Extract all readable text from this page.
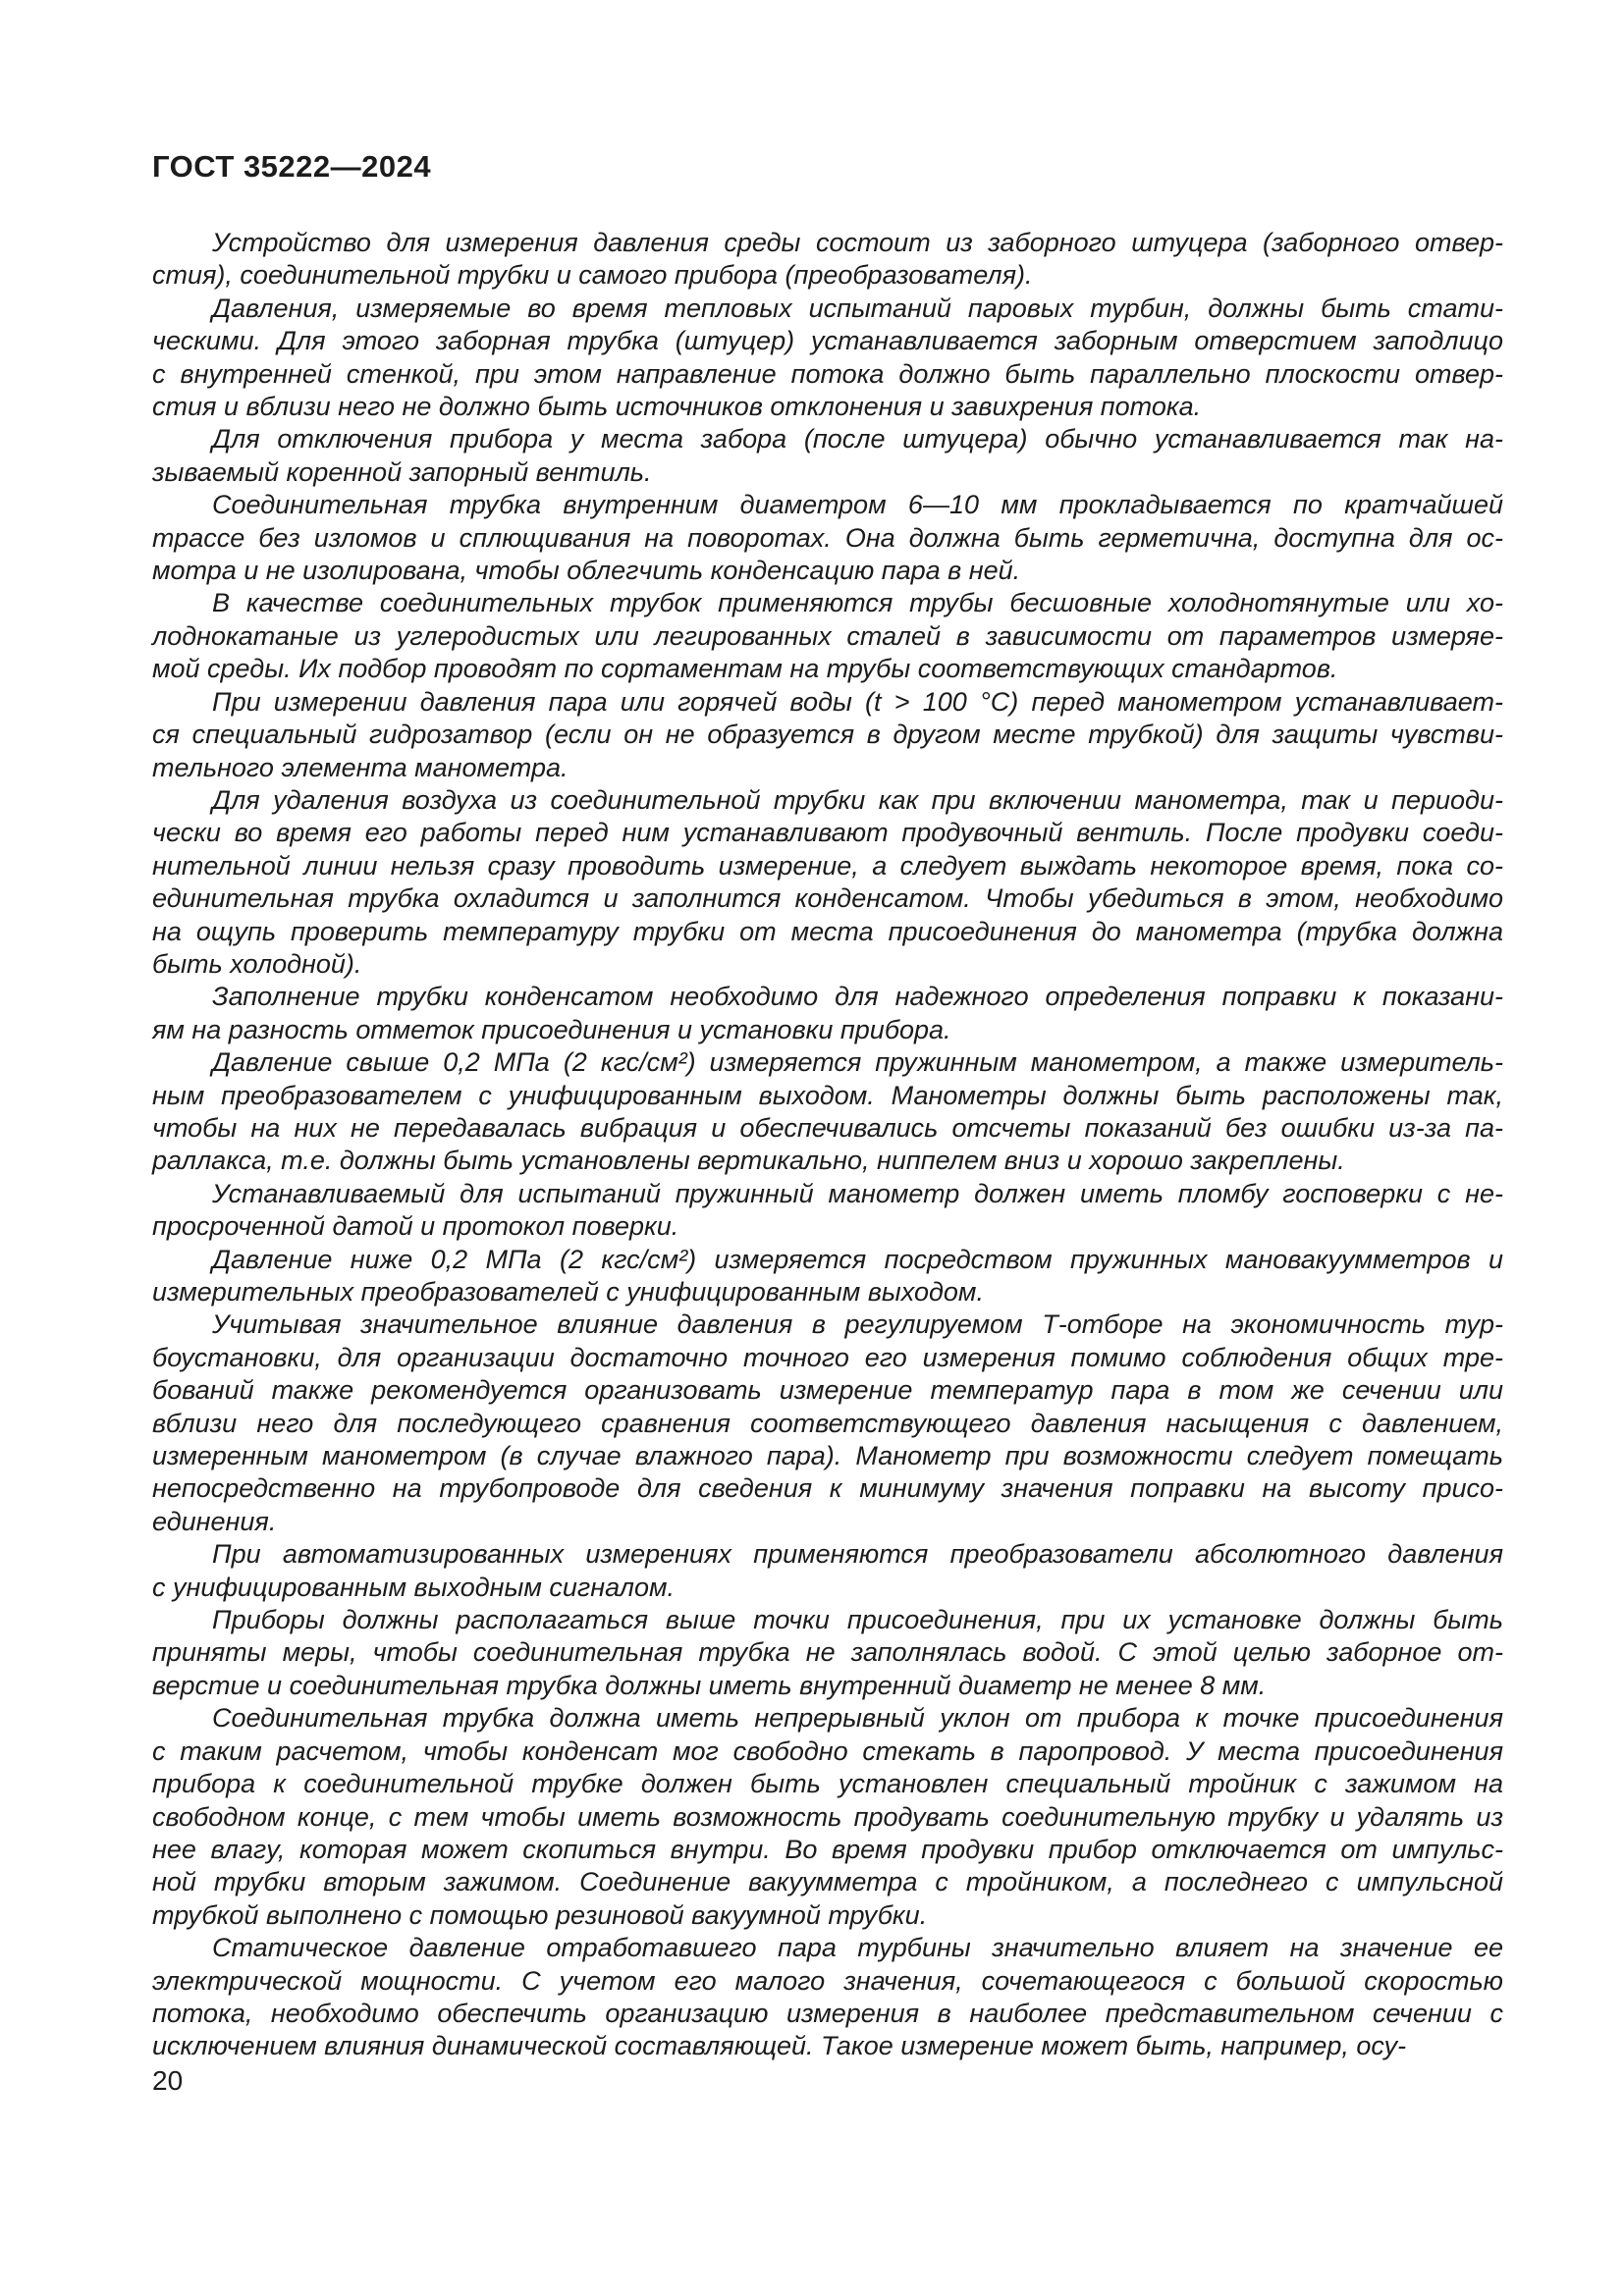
ГОСТ 35222—2024
Устройство для измерения давления среды состоит из заборного штуцера (заборного отвер-
стия), соединительной трубки и самого прибора (преобразователя).
Давления, измеряемые во время тепловых испытаний паровых турбин, должны быть стати-
ческими. Для этого заборная трубка (штуцер) устанавливается заборным отверстием заподлицо
с внутренней стенкой, при этом направление потока должно быть параллельно плоскости отвер-
стия и вблизи него не должно быть источников отклонения и завихрения потока.
Для отключения прибора у места забора (после штуцера) обычно устанавливается так на-
зываемый коренной запорный вентиль.
Соединительная трубка внутренним диаметром 6—10 мм прокладывается по кратчайшей
трассе без изломов и сплющивания на поворотах. Она должна быть герметична, доступна для ос-
мотра и не изолирована, чтобы облегчить конденсацию пара в ней.
В качестве соединительных трубок применяются трубы бесшовные холоднотянутые или хо-
лоднокатаные из углеродистых или легированных сталей в зависимости от параметров измеряе-
мой среды. Их подбор проводят по сортаментам на трубы соответствующих стандартов.
При измерении давления пара или горячей воды (t > 100 °С) перед манометром устанавливает-
ся специальный гидрозатвор (если он не образуется в другом месте трубкой) для защиты чувстви-
тельного элемента манометра.
Для удаления воздуха из соединительной трубки как при включении манометра, так и периоди-
чески во время его работы перед ним устанавливают продувочный вентиль. После продувки соеди-
нительной линии нельзя сразу проводить измерение, а следует выждать некоторое время, пока со-
единительная трубка охладится и заполнится конденсатом. Чтобы убедиться в этом, необходимо
на ощупь проверить температуру трубки от места присоединения до манометра (трубка должна
быть холодной).
Заполнение трубки конденсатом необходимо для надежного определения поправки к показани-
ям на разность отметок присоединения и установки прибора.
Давление свыше 0,2 МПа (2 кгс/см²) измеряется пружинным манометром, а также измеритель-
ным преобразователем с унифицированным выходом. Манометры должны быть расположены так,
чтобы на них не передавалась вибрация и обеспечивались отсчеты показаний без ошибки из-за па-
раллакса, т.е. должны быть установлены вертикально, ниппелем вниз и хорошо закреплены.
Устанавливаемый для испытаний пружинный манометр должен иметь пломбу госповерки с не-
просроченной датой и протокол поверки.
Давление ниже 0,2 МПа (2 кгс/см²) измеряется посредством пружинных мановакуумметров и
измерительных преобразователей с унифицированным выходом.
Учитывая значительное влияние давления в регулируемом Т-отборе на экономичность тур-
боустановки, для организации достаточно точного его измерения помимо соблюдения общих тре-
бований также рекомендуется организовать измерение температур пара в том же сечении или
вблизи него для последующего сравнения соответствующего давления насыщения с давлением,
измеренным манометром (в случае влажного пара). Манометр при возможности следует помещать
непосредственно на трубопроводе для сведения к минимуму значения поправки на высоту присо-
единения.
При автоматизированных измерениях применяются преобразователи абсолютного давления
с унифицированным выходным сигналом.
Приборы должны располагаться выше точки присоединения, при их установке должны быть
приняты меры, чтобы соединительная трубка не заполнялась водой. С этой целью заборное от-
верстие и соединительная трубка должны иметь внутренний диаметр не менее 8 мм.
Соединительная трубка должна иметь непрерывный уклон от прибора к точке присоединения
с таким расчетом, чтобы конденсат мог свободно стекать в паропровод. У места присоединения
прибора к соединительной трубке должен быть установлен специальный тройник с зажимом на
свободном конце, с тем чтобы иметь возможность продувать соединительную трубку и удалять из
нее влагу, которая может скопиться внутри. Во время продувки прибор отключается от импульс-
ной трубки вторым зажимом. Соединение вакуумметра с тройником, а последнего с импульсной
трубкой выполнено с помощью резиновой вакуумной трубки.
Статическое давление отработавшего пара турбины значительно влияет на значение ее
электрической мощности. С учетом его малого значения, сочетающегося с большой скоростью
потока, необходимо обеспечить организацию измерения в наиболее представительном сечении с
исключением влияния динамической составляющей. Такое измерение может быть, например, осу-
20
